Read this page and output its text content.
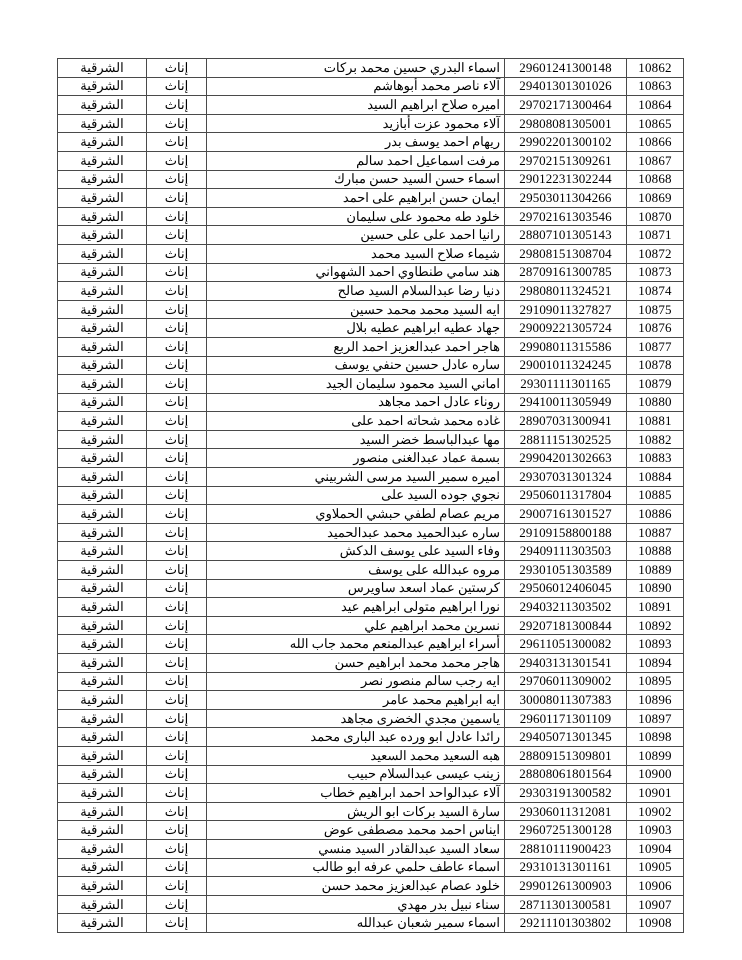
10862	29601241300148	اسماء البدري حسين محمد بركات	إناث	الشرقية
10863	29401301301026	آلاء ناصر محمد أبوهاشم	إناث	الشرقية
10864	29702171300464	اميره صلاح ابراهيم السيد	إناث	الشرقية
10865	29808081305001	آلاء محمود عزت أبازيد	إناث	الشرقية
10866	29902201300102	ريهام احمد يوسف بدر	إناث	الشرقية
10867	29702151309261	مرفت اسماعيل احمد سالم	إناث	الشرقية
10868	29012231302244	اسماء حسن السيد حسن مبارك	إناث	الشرقية
10869	29503011304266	ايمان حسن ابراهيم على احمد	إناث	الشرقية
10870	29702161303546	خلود طه محمود على سليمان	إناث	الشرقية
10871	28807101305143	رانيا احمد على على حسين	إناث	الشرقية
10872	29808151308704	شيماء صلاح السيد محمد	إناث	الشرقية
10873	28709161300785	هند سامي طنطاوي احمد الشهواني	إناث	الشرقية
10874	29808011324521	دنيا رضا عبدالسلام السيد صالح	إناث	الشرقية
10875	29109011327827	ايه السيد محمد محمد حسين	إناث	الشرقية
10876	29009221305724	جهاد عطيه ابراهيم عطيه بلال	إناث	الشرقية
10877	29908011315586	هاجر احمد عبدالعزيز احمد الربع	إناث	الشرقية
10878	29001011324245	ساره عادل حسين حنفي يوسف	إناث	الشرقية
10879	29301111301165	اماني السيد محمود سليمان الجيد	إناث	الشرقية
10880	29410011305949	روناء عادل احمد مجاهد	إناث	الشرقية
10881	28907031300941	غاده محمد شحاته احمد على	إناث	الشرقية
10882	28811151302525	مها عبدالباسط خضر السيد	إناث	الشرقية
10883	29904201302663	بسمة عماد عبدالغنى منصور	إناث	الشرقية
10884	29307031301324	اميره سمير السيد مرسى الشربيني	إناث	الشرقية
10885	29506011317804	نجوي جوده السيد على	إناث	الشرقية
10886	29007161301527	مريم عصام لطفي حبشي الحملاوي	إناث	الشرقية
10887	29109158800188	ساره عبدالحميد محمد عبدالحميد	إناث	الشرقية
10888	29409111303503	وفاء السيد على يوسف الدكش	إناث	الشرقية
10889	29301051303589	مروه عبدالله على يوسف	إناث	الشرقية
10890	29506012406045	كرستين عماد اسعد ساويرس	إناث	الشرقية
10891	29403211303502	نورا ابراهيم متولى ابراهيم عيد	إناث	الشرقية
10892	29207181300844	نسرين محمد ابراهيم علي	إناث	الشرقية
10893	29611051300082	أسراء ابراهيم عبدالمنعم محمد جاب الله	إناث	الشرقية
10894	29403131301541	هاجر محمد محمد ابراهيم حسن	إناث	الشرقية
10895	29706011309002	ايه رجب سالم منصور نصر	إناث	الشرقية
10896	30008011307383	ايه ابراهيم محمد عامر	إناث	الشرقية
10897	29601171301109	ياسمين مجدي الخضرى مجاهد	إناث	الشرقية
10898	29405071301345	رائدا عادل ابو ورده عبد البارى محمد	إناث	الشرقية
10899	28809151309801	هبه السعيد محمد السعيد	إناث	الشرقية
10900	28808061801564	زينب عيسى عبدالسلام حبيب	إناث	الشرقية
10901	29303191300582	آلاء عبدالواحد احمد ابراهيم خطاب	إناث	الشرقية
10902	29306011312081	سارة السيد بركات ابو الريش	إناث	الشرقية
10903	29607251300128	ايناس احمد محمد مصطفى عوض	إناث	الشرقية
10904	28810111900423	سعاد السيد عبدالقادر السيد منسي	إناث	الشرقية
10905	29310131301161	اسماء عاطف حلمي عرفه ابو طالب	إناث	الشرقية
10906	29901261300903	خلود عصام عبدالعزيز محمد حسن	إناث	الشرقية
10907	28711301300581	سناء نبيل بدر مهدي	إناث	الشرقية
10908	29211101303802	اسماء سمير شعبان عبدالله	إناث	الشرقية
